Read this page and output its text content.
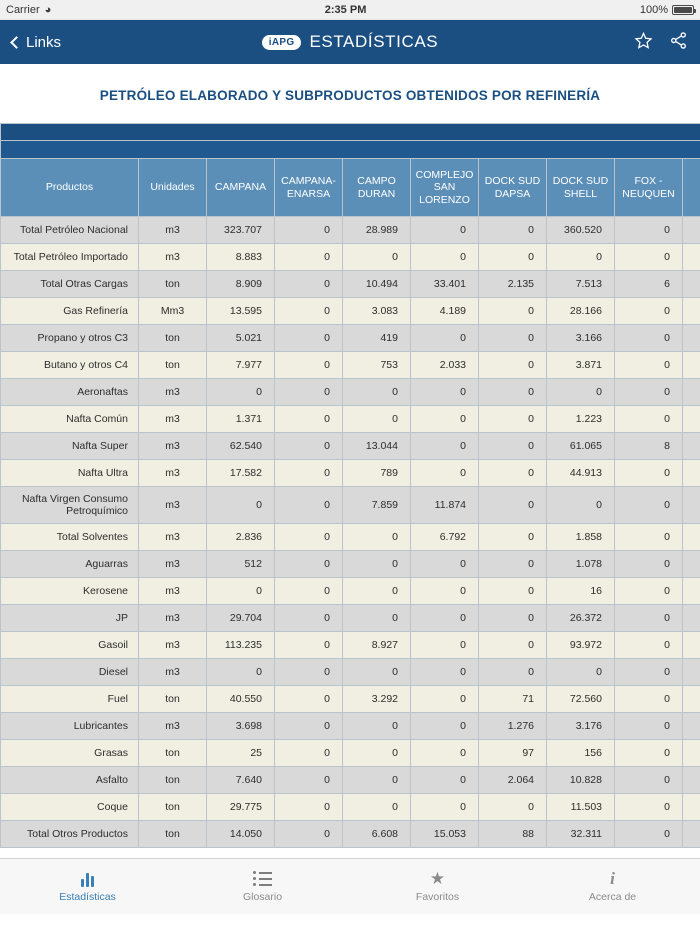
Carrier ◕	2:35 PM	100%
Links	iAPG ESTADÍSTICAS
PETRÓLEO ELABORADO Y SUBPRODUCTOS OBTENIDOS POR REFINERÍA

Productos	Unidades	CAMPANA	CAMPANA-ENARSA	CAMPO DURAN	COMPLEJO SAN LORENZO	DOCK SUD DAPSA	DOCK SUD SHELL	FOX - NEUQUEN	
Total Petróleo Nacional	m3	323.707	0	28.989	0	0	360.520	0	
Total Petróleo Importado	m3	8.883	0	0	0	0	0	0	
Total Otras Cargas	ton	8.909	0	10.494	33.401	2.135	7.513	6	
Gas Refinería	Mm3	13.595	0	3.083	4.189	0	28.166	0	
Propano y otros C3	ton	5.021	0	419	0	0	3.166	0	
Butano y otros C4	ton	7.977	0	753	2.033	0	3.871	0	
Aeronaftas	m3	0	0	0	0	0	0	0	
Nafta Común	m3	1.371	0	0	0	0	1.223	0	
Nafta Super	m3	62.540	0	13.044	0	0	61.065	8	
Nafta Ultra	m3	17.582	0	789	0	0	44.913	0	
Nafta Virgen Consumo Petroquímico	m3	0	0	7.859	11.874	0	0	0	
Total Solventes	m3	2.836	0	0	6.792	0	1.858	0	
Aguarras	m3	512	0	0	0	0	1.078	0	
Kerosene	m3	0	0	0	0	0	16	0	
JP	m3	29.704	0	0	0	0	26.372	0	
Gasoil	m3	113.235	0	8.927	0	0	93.972	0	
Diesel	m3	0	0	0	0	0	0	0	
Fuel	ton	40.550	0	3.292	0	71	72.560	0	
Lubricantes	m3	3.698	0	0	0	1.276	3.176	0	
Grasas	ton	25	0	0	0	97	156	0	
Asfalto	ton	7.640	0	0	0	2.064	10.828	0	
Coque	ton	29.775	0	0	0	0	11.503	0	
Total Otros Productos	ton	14.050	0	6.608	15.053	88	32.311	0	
Estadísticas	Glosario
★
Favoritos
i
Acerca de
